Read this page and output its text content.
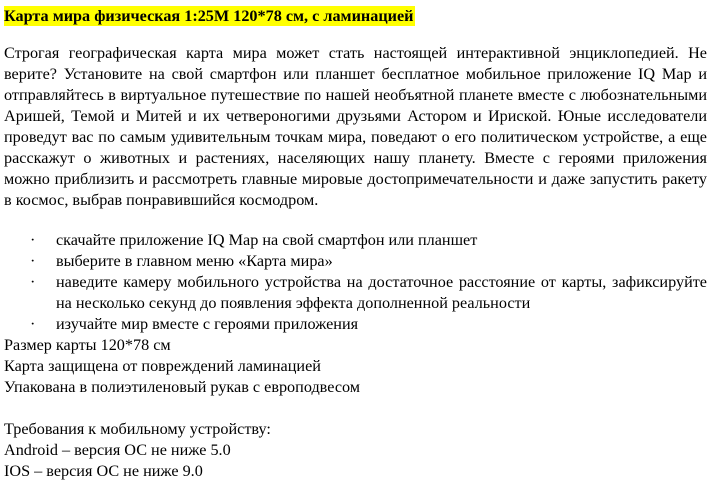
Карта мира физическая 1:25М 120*78 см, с ламинацией

Строгая географическая карта мира может стать настоящей интерактивной энциклопедией. Не верите? Установите на свой смартфон или планшет бесплатное мобильное приложение IQ Map и отправляйтесь в виртуальное путешествие по нашей необъятной планете вместе с любознательными Аришей, Темой и Митей и их четвероногими друзьями Астором и Ириской. Юные исследователи проведут вас по самым удивительным точкам мира, поведают о его политическом устройстве, а еще расскажут о животных и растениях, населяющих нашу планету. Вместе с героями приложения можно приблизить и рассмотреть главные мировые достопримечательности и даже запустить ракету в космос, выбрав понравившийся космодром.

· скачайте приложение IQ Map на свой смартфон или планшет
· выберите в главном меню «Карта мира»
· наведите камеру мобильного устройства на достаточное расстояние от карты, зафиксируйте на несколько секунд до появления эффекта дополненной реальности
· изучайте мир вместе с героями приложения

Размер карты 120*78 см

Карта защищена от повреждений ламинацией

Упакована в полиэтиленовый рукав с европодвесом

Требования к мобильному устройству:

Android – версия ОС не ниже 5.0

IOS – версия ОС не ниже 9.0
